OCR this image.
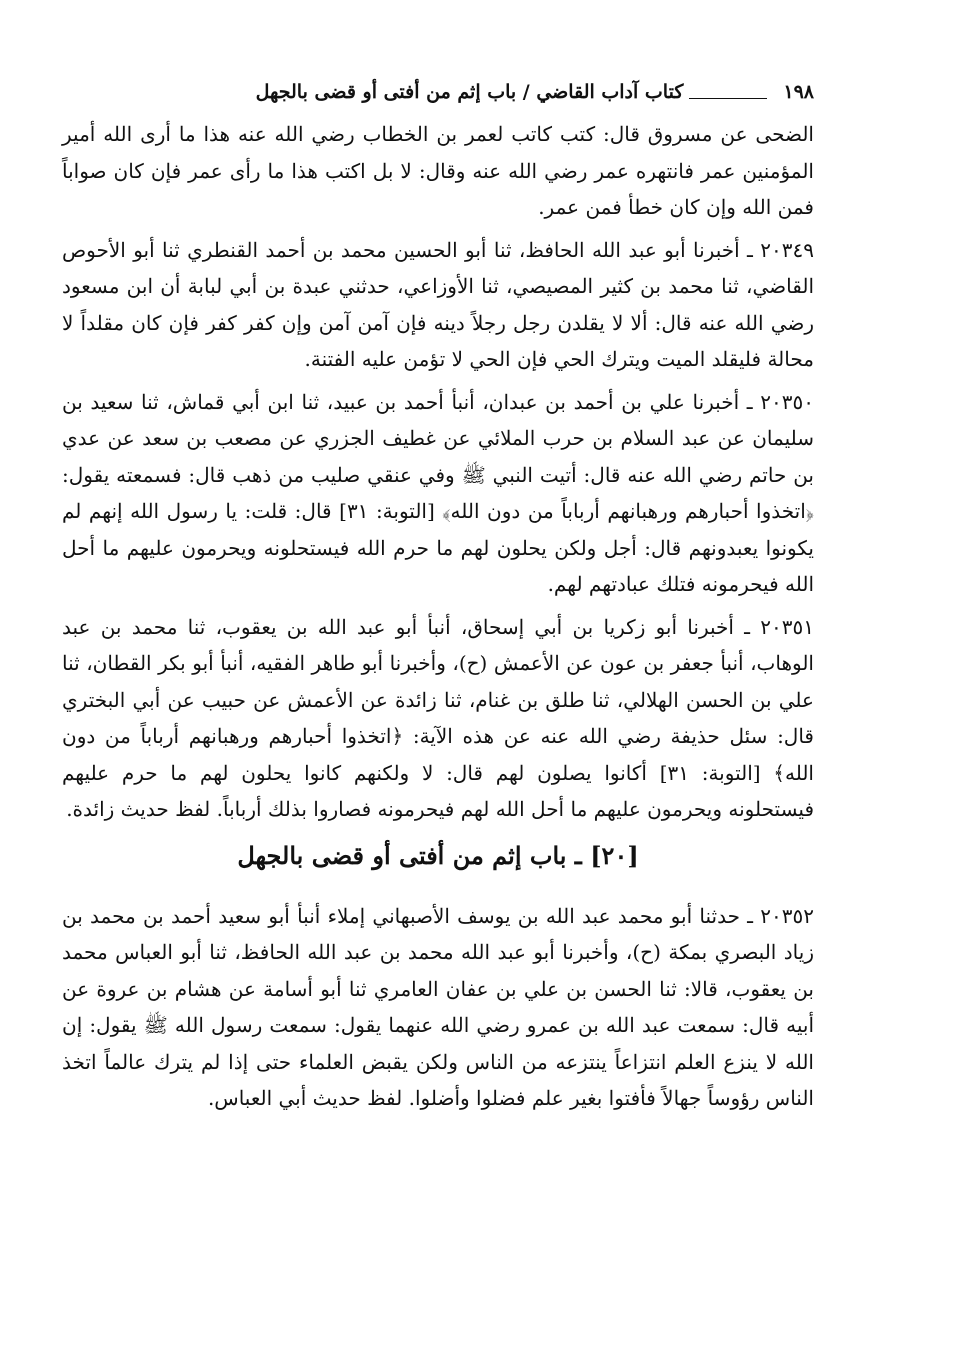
١٩٨
كتاب آداب القاضي / باب إثم من أفتى أو قضى بالجهل

الضحى عن مسروق قال: كتب كاتب لعمر بن الخطاب رضي الله عنه هذا ما أرى الله أمير المؤمنين عمر فانتهره عمر رضي الله عنه وقال: لا بل اكتب هذا ما رأى عمر فإن كان صواباً فمن الله وإن كان خطأ فمن عمر.

٢٠٣٤٩ ـ أخبرنا أبو عبد الله الحافظ، ثنا أبو الحسين محمد بن أحمد القنطري ثنا أبو الأحوص القاضي، ثنا محمد بن كثير المصيصي، ثنا الأوزاعي، حدثني عبدة بن أبي لبابة أن ابن مسعود رضي الله عنه قال: ألا لا يقلدن رجل رجلاً دينه فإن آمن آمن وإن كفر كفر فإن كان مقلداً لا محالة فليقلد الميت ويترك الحي فإن الحي لا تؤمن عليه الفتنة.

٢٠٣٥٠ ـ أخبرنا علي بن أحمد بن عبدان، أنبأ أحمد بن عبيد، ثنا ابن أبي قماش، ثنا سعيد بن سليمان عن عبد السلام بن حرب الملائي عن غطيف الجزري عن مصعب بن سعد عن عدي بن حاتم رضي الله عنه قال: أتيت النبي ﷺ وفي عنقي صليب من ذهب قال: فسمعته يقول: ﴿اتخذوا أحبارهم ورهبانهم أرباباً من دون الله﴾ [التوبة: ٣١] قال: قلت: يا رسول الله إنهم لم يكونوا يعبدونهم قال: أجل ولكن يحلون لهم ما حرم الله فيستحلونه ويحرمون عليهم ما أحل الله فيحرمونه فتلك عبادتهم لهم.

٢٠٣٥١ ـ أخبرنا أبو زكريا بن أبي إسحاق، أنبأ أبو عبد الله بن يعقوب، ثنا محمد بن عبد الوهاب، أنبأ جعفر بن عون عن الأعمش (ح)، وأخبرنا أبو طاهر الفقيه، أنبأ أبو بكر القطان، ثنا علي بن الحسن الهلالي، ثنا طلق بن غنام، ثنا زائدة عن الأعمش عن حبيب عن أبي البختري قال: سئل حذيفة رضي الله عنه عن هذه الآية: ﴿اتخذوا أحبارهم ورهبانهم أرباباً من دون الله﴾ [التوبة: ٣١] أكانوا يصلون لهم قال: لا ولكنهم كانوا يحلون لهم ما حرم عليهم فيستحلونه ويحرمون عليهم ما أحل الله لهم فيحرمونه فصاروا بذلك أرباباً. لفظ حديث زائدة.

[٢٠] ـ باب إثم من أفتى أو قضى بالجهل

٢٠٣٥٢ ـ حدثنا أبو محمد عبد الله بن يوسف الأصبهاني إملاء أنبأ أبو سعيد أحمد بن محمد بن زياد البصري بمكة (ح)، وأخبرنا أبو عبد الله محمد بن عبد الله الحافظ، ثنا أبو العباس محمد بن يعقوب، قالا: ثنا الحسن بن علي بن عفان العامري ثنا أبو أسامة عن هشام بن عروة عن أبيه قال: سمعت عبد الله بن عمرو رضي الله عنهما يقول: سمعت رسول الله ﷺ يقول: إن الله لا ينزع العلم انتزاعاً ينتزعه من الناس ولكن يقبض العلماء حتى إذا لم يترك عالماً اتخذ الناس رؤوساً جهالاً فأفتوا بغير علم فضلوا وأضلوا. لفظ حديث أبي العباس.
